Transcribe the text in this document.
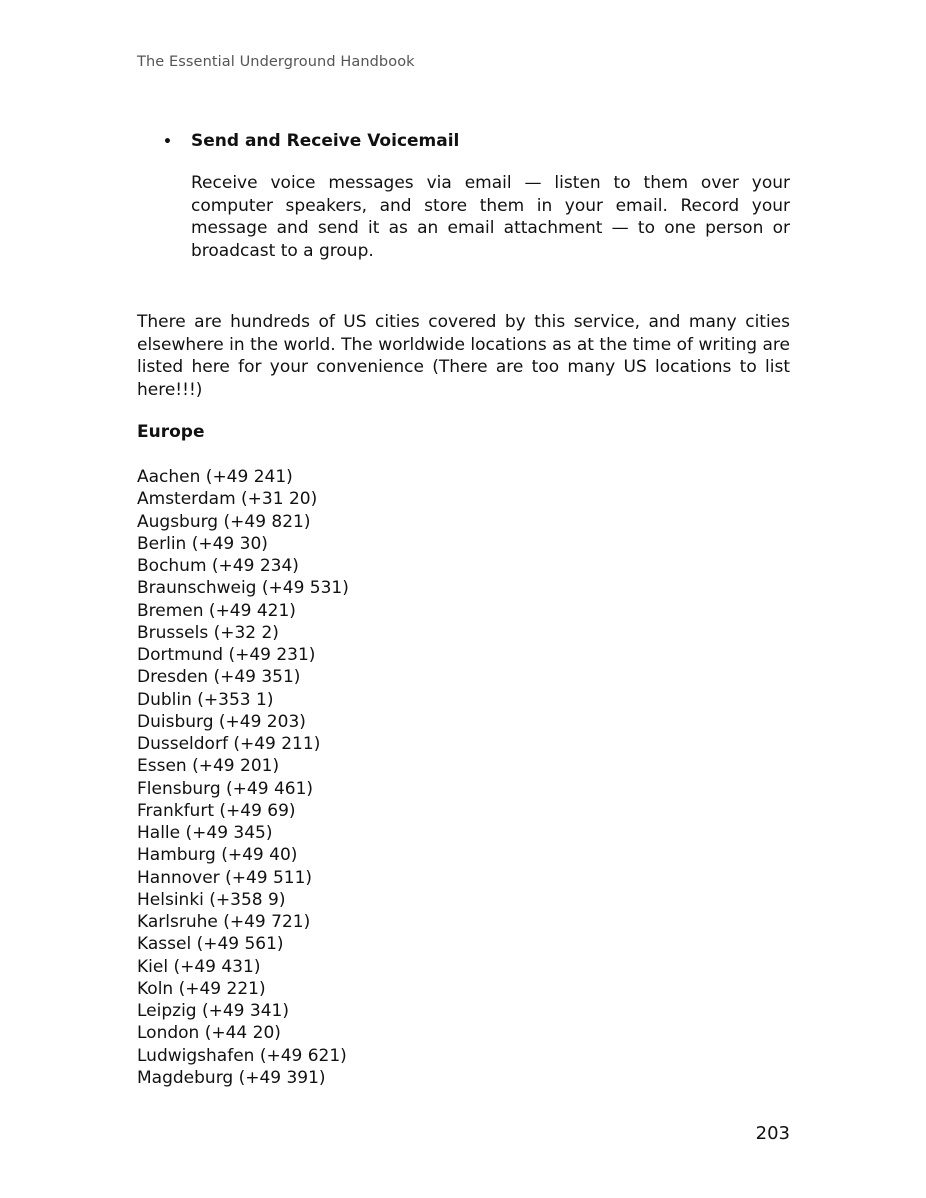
The Essential Underground Handbook
•	Send and Receive Voicemail
Receive voice messages via email — listen to them over your computer speakers, and store them in your email. Record your message and send it as an email attachment — to one person or broadcast to a group.
There are hundreds of US cities covered by this service, and many cities elsewhere in the world. The worldwide locations as at the time of writing are listed here for your convenience (There are too many US locations to list here!!!)
Europe
Aachen (+49 241)
Amsterdam (+31 20)
Augsburg (+49 821)
Berlin (+49 30)
Bochum (+49 234)
Braunschweig (+49 531)
Bremen (+49 421)
Brussels (+32 2)
Dortmund (+49 231)
Dresden (+49 351)
Dublin (+353 1)
Duisburg (+49 203)
Dusseldorf (+49 211)
Essen (+49 201)
Flensburg (+49 461)
Frankfurt (+49 69)
Halle (+49 345)
Hamburg (+49 40)
Hannover (+49 511)
Helsinki (+358 9)
Karlsruhe (+49 721)
Kassel (+49 561)
Kiel (+49 431)
Koln (+49 221)
Leipzig (+49 341)
London (+44 20)
Ludwigshafen (+49 621)
Magdeburg (+49 391)
203
